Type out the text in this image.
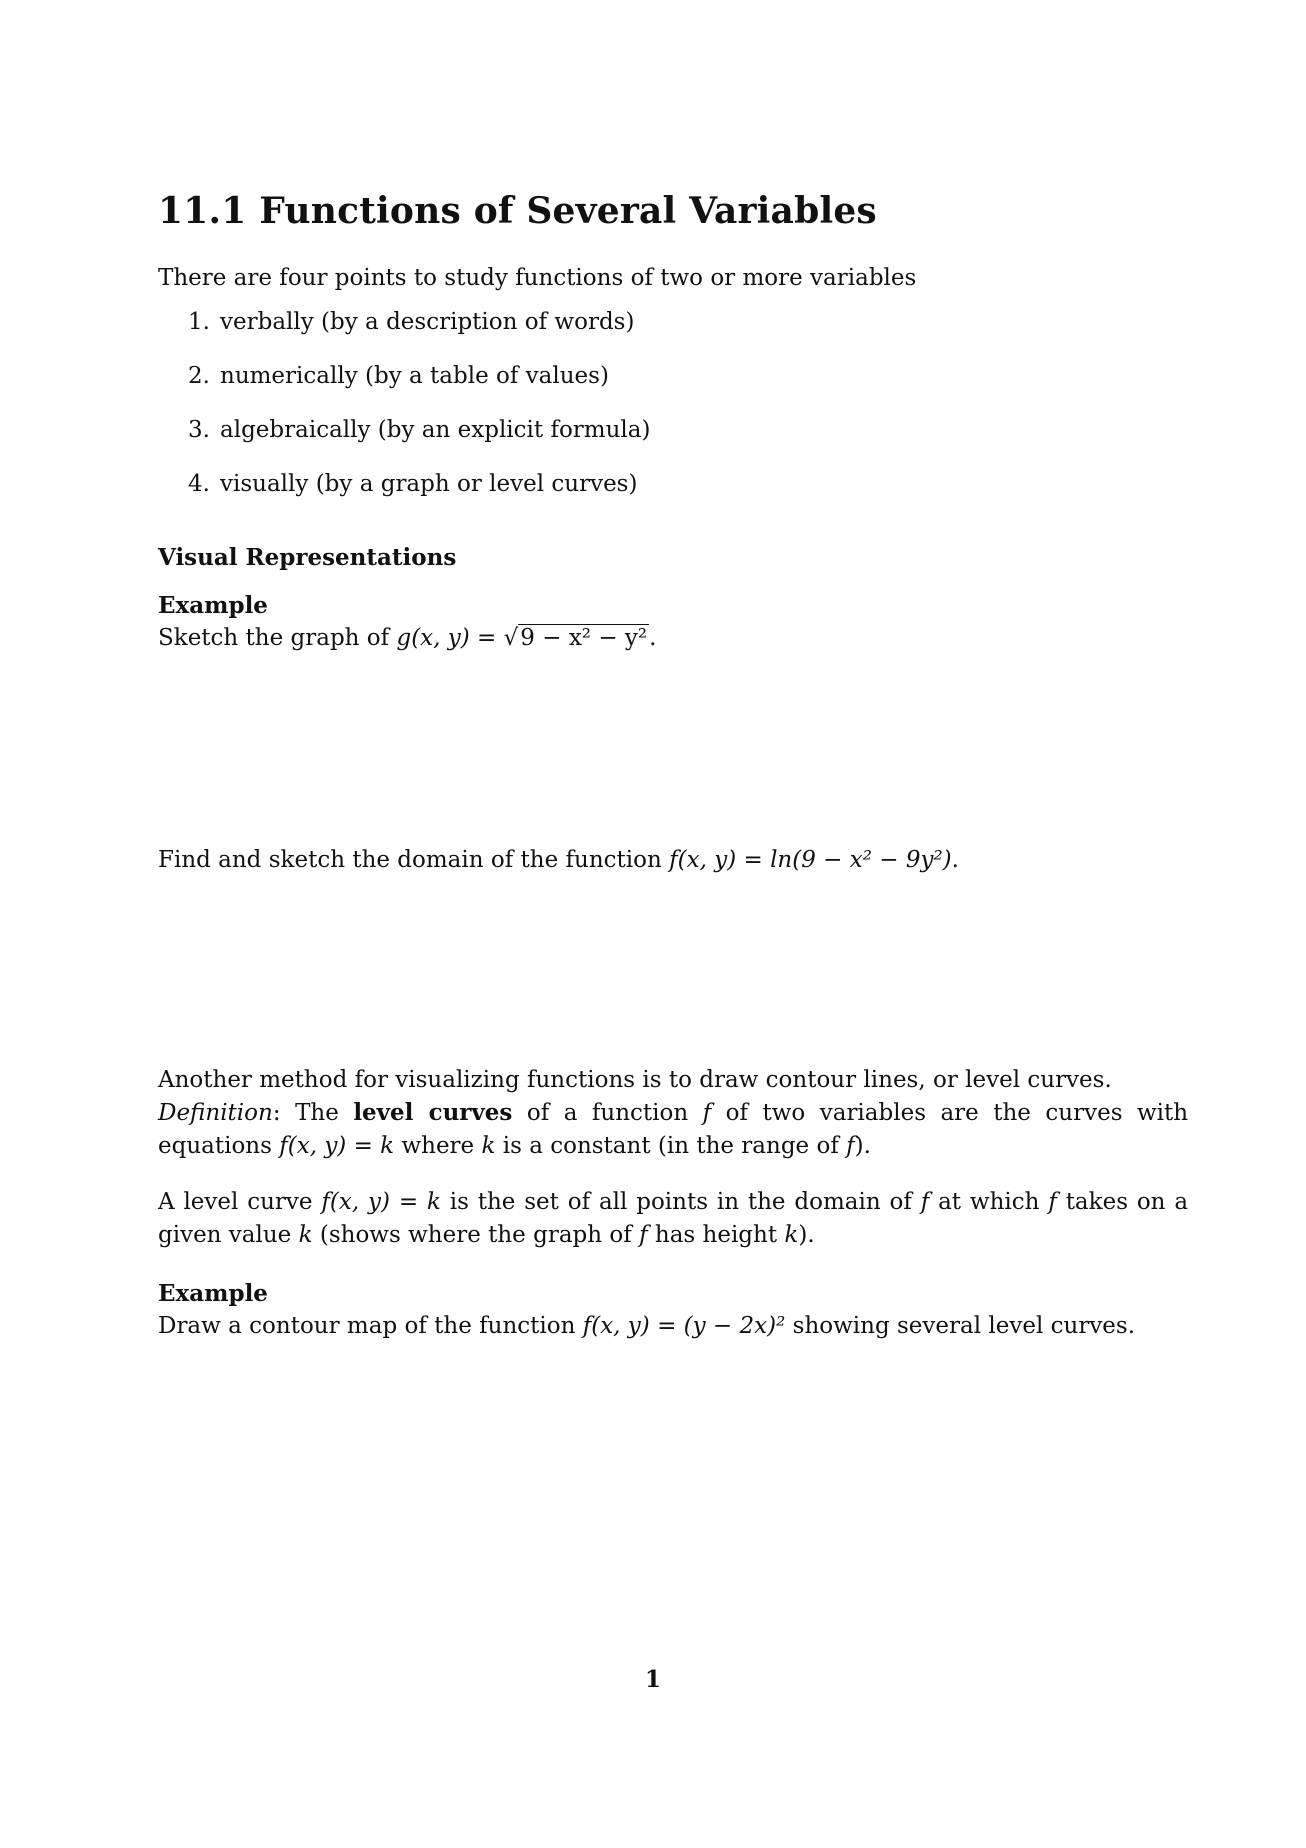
11.1 Functions of Several Variables
There are four points to study functions of two or more variables
1. verbally (by a description of words)
2. numerically (by a table of values)
3. algebraically (by an explicit formula)
4. visually (by a graph or level curves)
Visual Representations
Example
Sketch the graph of g(x, y) = √9 − x² − y².
Find and sketch the domain of the function f(x, y) = ln(9 − x² − 9y²).
Another method for visualizing functions is to draw contour lines, or level curves.
Definition: The level curves of a function f of two variables are the curves with equations f(x, y) = k where k is a constant (in the range of f).
A level curve f(x, y) = k is the set of all points in the domain of f at which f takes on a given value k (shows where the graph of f has height k).
Example
Draw a contour map of the function f(x, y) = (y − 2x)² showing several level curves.
1
